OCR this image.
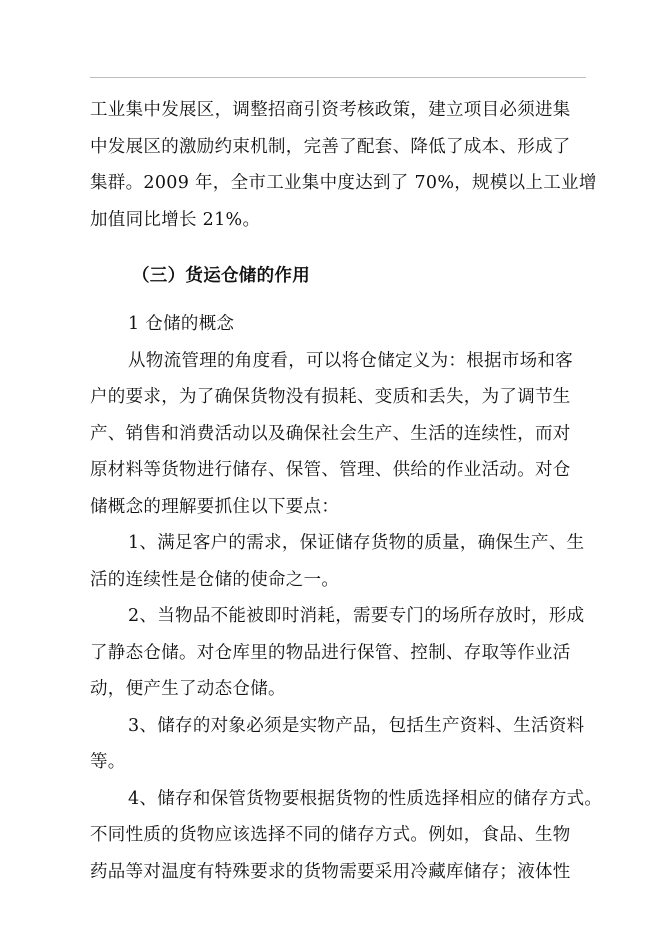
工业集中发展区，调整招商引资考核政策，建立项目必须进集
中发展区的激励约束机制，完善了配套、降低了成本、形成了
集群。2009 年，全市工业集中度达到了 70%，规模以上工业增
加值同比增长 21%。
（三）货运仓储的作用
1 仓储的概念
从物流管理的角度看，可以将仓储定义为：根据市场和客
户的要求，为了确保货物没有损耗、变质和丢失，为了调节生
产、销售和消费活动以及确保社会生产、生活的连续性，而对
原材料等货物进行储存、保管、管理、供给的作业活动。对仓
储概念的理解要抓住以下要点：
1、满足客户的需求，保证储存货物的质量，确保生产、生
活的连续性是仓储的使命之一。
2、当物品不能被即时消耗，需要专门的场所存放时，形成
了静态仓储。对仓库里的物品进行保管、控制、存取等作业活
动，便产生了动态仓储。
3、储存的对象必须是实物产品，包括生产资料、生活资料
等。
4、储存和保管货物要根据货物的性质选择相应的储存方式。
不同性质的货物应该选择不同的储存方式。例如，食品、生物
药品等对温度有特殊要求的货物需要采用冷藏库储存；液体性
